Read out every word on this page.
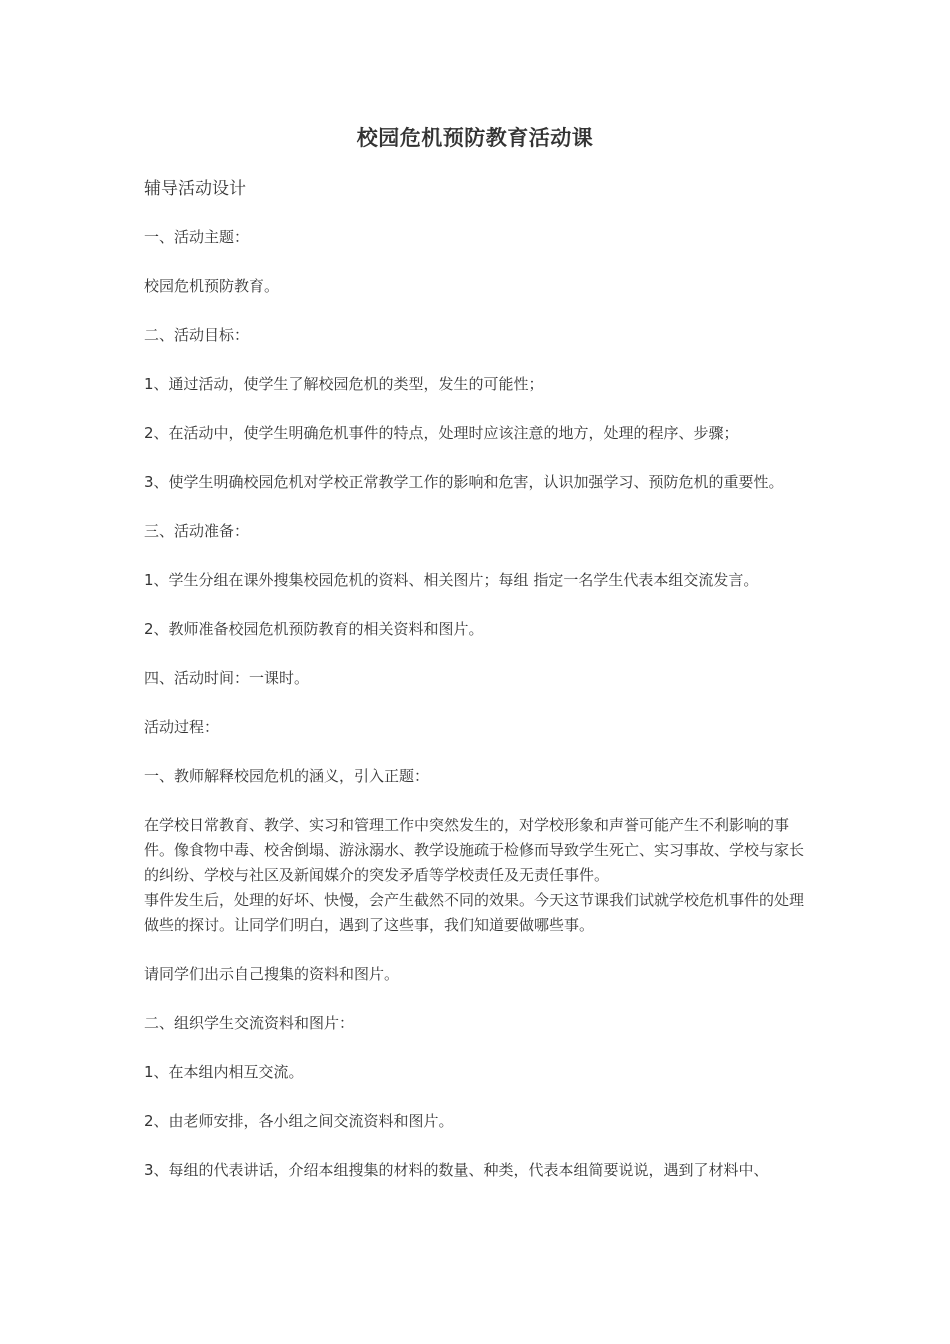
校园危机预防教育活动课
辅导活动设计
一、活动主题：
校园危机预防教育。
二、活动目标：
1、通过活动，使学生了解校园危机的类型，发生的可能性；
2、在活动中，使学生明确危机事件的特点，处理时应该注意的地方，处理的程序、步骤；
3、使学生明确校园危机对学校正常教学工作的影响和危害，认识加强学习、预防危机的重要性。
三、活动准备：
1、学生分组在课外搜集校园危机的资料、相关图片；每组 指定一名学生代表本组交流发言。
2、教师准备校园危机预防教育的相关资料和图片。
四、活动时间：一课时。
活动过程：
一、教师解释校园危机的涵义，引入正题：
在学校日常教育、教学、实习和管理工作中突然发生的，对学校形象和声誉可能产生不利影响的事件。像食物中毒、校舍倒塌、游泳溺水、教学设施疏于检修而导致学生死亡、实习事故、学校与家长的纠纷、学校与社区及新闻媒介的突发矛盾等学校责任及无责任事件。
事件发生后，处理的好坏、快慢，会产生截然不同的效果。今天这节课我们试就学校危机事件的处理做些的探讨。让同学们明白，遇到了这些事，我们知道要做哪些事。
请同学们出示自己搜集的资料和图片。
二、组织学生交流资料和图片：
1、在本组内相互交流。
2、由老师安排，各小组之间交流资料和图片。
3、每组的代表讲话，介绍本组搜集的材料的数量、种类，代表本组简要说说，遇到了材料中、
